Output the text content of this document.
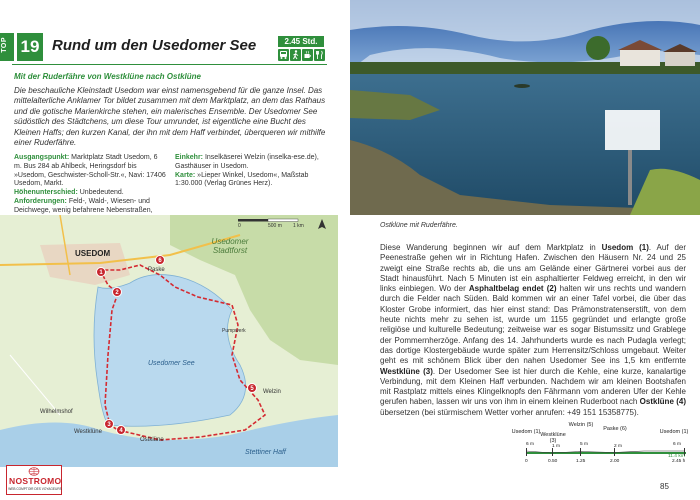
TOP 19 Rund um den Usedomer See	2.45 Std.
Mit der Ruderfähre von Westklüne nach Ostklüne
Die beschauliche Kleinstadt Usedom war einst namensgebend für die ganze Insel. Das mittelalterliche Anklamer Tor bildet zusammen mit dem Marktplatz, an dem das Rathaus und die gotische Marienkirche stehen, ein malerisches Ensemble. Der Usedomer See südöstlich des Städtchens, um diese Tour umrundet, ist eigentliche eine Bucht des Kleinen Haffs; den kurzen Kanal, der ihn mit dem Haff verbindet, überqueren wir mithilfe einer Ruderfähre.
Ausgangspunkt: Marktplatz Stadt Usedom, 6 m. Bus 284 ab Ahlbeck, Heringsdorf bis »Usedom, Geschwister-Scholl-Str.«, Navi: 17406 Usedom, Markt.
Höhenunterschied: Unbedeutend.
Anforderungen: Feld-, Wald-, Wiesen- und Deichwege, wenig befahrene Nebenstraßen,
Einkehr: Inselkäserei Welzin (inselka-ese.de), Gasthäuser in Usedom.
Karte: »Lieper Winkel, Usedom«, Maßstab 1:30.000 (Verlag Grünes Herz).
USEDOM
Usedomer Stadtforst
Usedomer See
Stettiner Haff
Paske
Welzin
Wilhelmshof
Westklüne
Ostklüne
Pumpwerk
0	500 m 1 km
1
2
3
4
5
6
NOSTROMO
WEB COMPTOIR DES VOYAGEURS
Ostklüne mit Ruderfähre.
Diese Wanderung beginnen wir auf dem Marktplatz in Usedom (1). Auf der Peenestraße gehen wir in Richtung Hafen. Zwischen den Häusern Nr. 24 und 25 zweigt eine Straße rechts ab, die uns am Gelände einer Gärtnerei vorbei aus der Stadt hinausführt. Nach 5 Minuten ist ein asphaltierter Feldweg erreicht, in den wir links einbiegen. Wo der Asphaltbelag endet (2) halten wir uns rechts und wandern durch die Felder nach Süden. Bald kommen wir an einer Tafel vorbei, die über das Kloster Grobe informiert, das hier einst stand: Das Prämonstratenserstift, von dem heute nichts mehr zu sehen ist, wurde um 1155 gegründet und erlangte große religiöse und kulturelle Bedeutung; zeitweise war es sogar Bistumssitz und Grablege der Pommernherzöge. Anfang des 14. Jahrhunderts wurde es nach Pudagla verlegt; das dortige Klostergebäude wurde später zum Herrensitz/Schloss umgebaut. Weiter geht es mit schönem Blick über den nahen Usedomer See ins 1,5 km entfernte Westklüne (3). Der Usedomer See ist hier durch die Kehle, eine kurze, kanalartige Verbindung, mit dem Kleinen Haff verbunden. Nachdem wir am kleinen Bootshafen mit Rastplatz mittels eines Klingelknopfs den Fährmann vom anderen Ufer der Kehle gerufen haben, lassen wir uns von ihm in einem kleinen Ruderboot nach Ostklüne (4) übersetzen (bei stürmischem Wetter vorher anrufen: +49 151 15358775).
Usedom (1)
6 m
Westklüne (3)
1 m
Welzin (5)
5 m
Paske (6)
2 m
Usedom (1)
6 m
11.4 km
0	0.50	1.25	2.00	2.45 h
85
